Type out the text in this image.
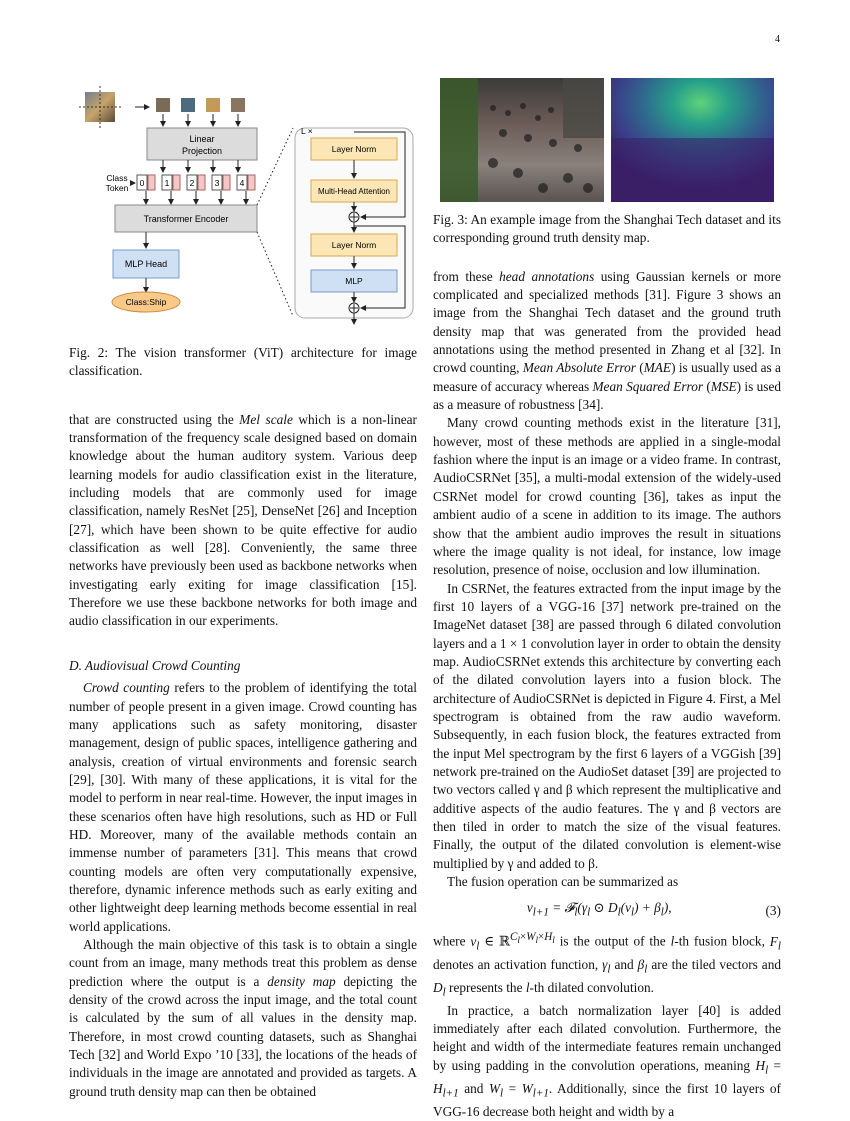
4
Linear
Projection
Class
Token 0 1 2 3 4
Transformer Encoder
MLP Head
Class:Ship
L ×
Layer Norm
Multi-Head Attention
Layer Norm
MLP

Fig. 2: The vision transformer (ViT) architecture for image classification.

that are constructed using the Mel scale which is a non-linear transformation of the frequency scale designed based on domain knowledge about the human auditory system. Various deep learning models for audio classification exist in the literature, including models that are commonly used for image classification, namely ResNet [25], DenseNet [26] and Inception [27], which have been shown to be quite effective for audio classification as well [28]. Conveniently, the same three networks have previously been used as backbone networks when investigating early exiting for image classification [15]. Therefore we use these backbone networks for both image and audio classification in our experiments.

D. Audiovisual Crowd Counting

Crowd counting refers to the problem of identifying the total number of people present in a given image. Crowd counting has many applications such as safety monitoring, disaster management, design of public spaces, intelligence gathering and analysis, creation of virtual environments and forensic search [29], [30]. With many of these applications, it is vital for the model to perform in near real-time. However, the input images in these scenarios often have high resolutions, such as HD or Full HD. Moreover, many of the available methods contain an immense number of parameters [31]. This means that crowd counting models are often very computationally expensive, therefore, dynamic inference methods such as early exiting and other lightweight deep learning methods become essential in real world applications.

Although the main objective of this task is to obtain a single count from an image, many methods treat this problem as dense prediction where the output is a density map depicting the density of the crowd across the input image, and the total count is calculated by the sum of all values in the density map. Therefore, in most crowd counting datasets, such as Shanghai Tech [32] and World Expo ’10 [33], the locations of the heads of individuals in the image are annotated and provided as targets. A ground truth density map can then be obtained

Fig. 3: An example image from the Shanghai Tech dataset and its corresponding ground truth density map.

from these head annotations using Gaussian kernels or more complicated and specialized methods [31]. Figure 3 shows an image from the Shanghai Tech dataset and the ground truth density map that was generated from the provided head annotations using the method presented in Zhang et al [32]. In crowd counting, Mean Absolute Error (MAE) is usually used as a measure of accuracy whereas Mean Squared Error (MSE) is used as a measure of robustness [34].

Many crowd counting methods exist in the literature [31], however, most of these methods are applied in a single-modal fashion where the input is an image or a video frame. In contrast, AudioCSRNet [35], a multi-modal extension of the widely-used CSRNet model for crowd counting [36], takes as input the ambient audio of a scene in addition to its image. The authors show that the ambient audio improves the result in situations where the image quality is not ideal, for instance, low image resolution, presence of noise, occlusion and low illumination.

In CSRNet, the features extracted from the input image by the first 10 layers of a VGG-16 [37] network pre-trained on the ImageNet dataset [38] are passed through 6 dilated convolution layers and a 1 × 1 convolution layer in order to obtain the density map. AudioCSRNet extends this architecture by converting each of the dilated convolution layers into a fusion block. The architecture of AudioCSRNet is depicted in Figure 4. First, a Mel spectrogram is obtained from the raw audio waveform. Subsequently, in each fusion block, the features extracted from the input Mel spectrogram by the first 6 layers of a VGGish [39] network pre-trained on the AudioSet dataset [39] are projected to two vectors called γ and β which represent the multiplicative and additive aspects of the audio features. The γ and β vectors are then tiled in order to match the size of the visual features. Finally, the output of the dilated convolution is element-wise multiplied by γ and added to β.

The fusion operation can be summarized as

$v_{l+1}$ = $𝓕_l(\gamma_l$ ⊙ $D_l(v_l) + \beta_l$),	(3)

where $v_l$ ∈ ℝ$^{C_l\times W_l\times H_l}$ is the output of the l-th fusion block, $F_l$ denotes an activation function, $\gamma_l$ and $\beta_l$ are the tiled vectors and $D_l$ represents the l-th dilated convolution.

In practice, a batch normalization layer [40] is added immediately after each dilated convolution. Furthermore, the height and width of the intermediate features remain unchanged by using padding in the convolution operations, meaning $H_l = H_{l+1}$ and $W_l = W_{l+1}$. Additionally, since the first 10 layers of VGG-16 decrease both height and width by a
